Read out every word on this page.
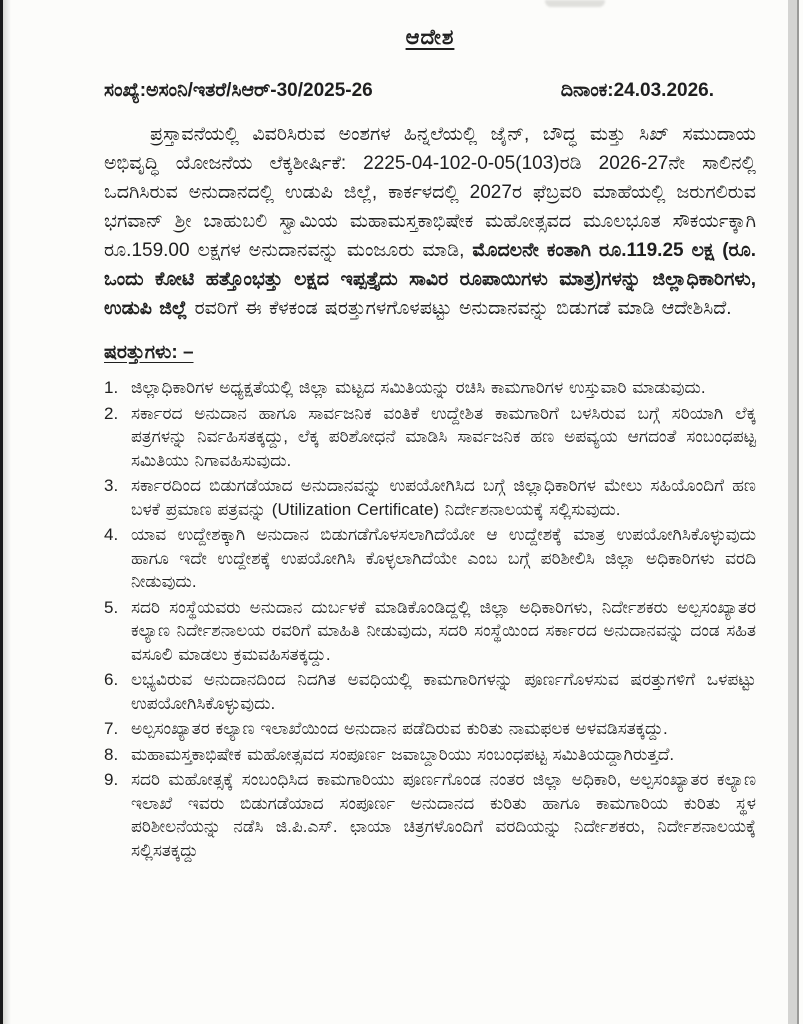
ಆದೇಶ
ಸಂಖ್ಯೆ:ಅಸಂನಿ/ಇತರೆ/ಸಿಆರ್-30/2025-26	ದಿನಾಂಕ:24.03.2026.

ಪ್ರಸ್ತಾವನೆಯಲ್ಲಿ ವಿವರಿಸಿರುವ ಅಂಶಗಳ ಹಿನ್ನಲೆಯಲ್ಲಿ ಜೈನ್, ಬೌದ್ಧ ಮತ್ತು ಸಿಖ್ ಸಮುದಾಯ ಅಭಿವೃದ್ಧಿ ಯೋಜನೆಯ ಲೆಕ್ಕಶೀರ್ಷಿಕೆ: 2225-04-102-0-05(103)ರಡಿ 2026-27ನೇ ಸಾಲಿನಲ್ಲಿ ಒದಗಿಸಿರುವ ಅನುದಾನದಲ್ಲಿ ಉಡುಪಿ ಜಿಲ್ಲೆ, ಕಾರ್ಕಳದಲ್ಲಿ 2027ರ ಫೆಬ್ರವರಿ ಮಾಹೆಯಲ್ಲಿ ಜರುಗಲಿರುವ ಭಗವಾನ್ ಶ್ರೀ ಬಾಹುಬಲಿ ಸ್ವಾಮಿಯ ಮಹಾಮಸ್ತಕಾಭಿಷೇಕ ಮಹೋತ್ಸವದ ಮೂಲಭೂತ ಸೌಕರ್ಯಕ್ಕಾಗಿ ರೂ.159.00 ಲಕ್ಷಗಳ ಅನುದಾನವನ್ನು ಮಂಜೂರು ಮಾಡಿ, ಮೊದಲನೇ ಕಂತಾಗಿ ರೂ.119.25 ಲಕ್ಷ (ರೂ. ಒಂದು ಕೋಟಿ ಹತ್ತೊಂಭತ್ತು ಲಕ್ಷದ ಇಪ್ಪತ್ತೈದು ಸಾವಿರ ರೂಪಾಯಿಗಳು ಮಾತ್ರ)ಗಳನ್ನು ಜಿಲ್ಲಾಧಿಕಾರಿಗಳು, ಉಡುಪಿ ಜಿಲ್ಲೆ ರವರಿಗೆ ಈ ಕೆಳಕಂಡ ಷರತ್ತುಗಳಗೊಳಪಟ್ಟು ಅನುದಾನವನ್ನು ಬಿಡುಗಡೆ ಮಾಡಿ ಆದೇಶಿಸಿದೆ.

ಷರತ್ತುಗಳು: –
1. ಜಿಲ್ಲಾಧಿಕಾರಿಗಳ ಅಧ್ಯಕ್ಷತೆಯಲ್ಲಿ ಜಿಲ್ಲಾ ಮಟ್ಟದ ಸಮಿತಿಯನ್ನು ರಚಿಸಿ ಕಾಮಗಾರಿಗಳ ಉಸ್ತುವಾರಿ ಮಾಡುವುದು.
2. ಸರ್ಕಾರದ ಅನುದಾನ ಹಾಗೂ ಸಾರ್ವಜನಿಕ ವಂತಿಕೆ ಉದ್ದೇಶಿತ ಕಾಮಗಾರಿಗೆ ಬಳಸಿರುವ ಬಗ್ಗೆ ಸರಿಯಾಗಿ ಲೆಕ್ಕ ಪತ್ರಗಳನ್ನು ನಿರ್ವಹಿಸತಕ್ಕದ್ದು, ಲೆಕ್ಕ ಪರಿಶೋಧನೆ ಮಾಡಿಸಿ ಸಾರ್ವಜನಿಕ ಹಣ ಅಪವ್ಯಯ ಆಗದಂತೆ ಸಂಬಂಧಪಟ್ಟ ಸಮಿತಿಯು ನಿಗಾವಹಿಸುವುದು.
3. ಸರ್ಕಾರದಿಂದ ಬಿಡುಗಡೆಯಾದ ಅನುದಾನವನ್ನು ಉಪಯೋಗಿಸಿದ ಬಗ್ಗೆ ಜಿಲ್ಲಾಧಿಕಾರಿಗಳ ಮೇಲು ಸಹಿಯೊಂದಿಗೆ ಹಣ ಬಳಕೆ ಪ್ರಮಾಣ ಪತ್ರವನ್ನು (Utilization Certificate) ನಿರ್ದೇಶನಾಲಯಕ್ಕೆ ಸಲ್ಲಿಸುವುದು.
4. ಯಾವ ಉದ್ದೇಶಕ್ಕಾಗಿ ಅನುದಾನ ಬಿಡುಗಡೆಗೊಳಸಲಾಗಿದೆಯೋ ಆ ಉದ್ದೇಶಕ್ಕೆ ಮಾತ್ರ ಉಪಯೋಗಿಸಿಕೊಳ್ಳುವುದು ಹಾಗೂ ಇದೇ ಉದ್ದೇಶಕ್ಕೆ ಉಪಯೋಗಿಸಿ ಕೊಳ್ಳಲಾಗಿದೆಯೇ ಎಂಬ ಬಗ್ಗೆ ಪರಿಶೀಲಿಸಿ ಜಿಲ್ಲಾ ಅಧಿಕಾರಿಗಳು ವರದಿ ನೀಡುವುದು.
5. ಸದರಿ ಸಂಸ್ಥೆಯವರು ಅನುದಾನ ದುರ್ಬಳಕೆ ಮಾಡಿಕೊಂಡಿದ್ದಲ್ಲಿ ಜಿಲ್ಲಾ ಅಧಿಕಾರಿಗಳು, ನಿರ್ದೇಶಕರು ಅಲ್ಪಸಂಖ್ಯಾತರ ಕಲ್ಯಾಣ ನಿರ್ದೇಶನಾಲಯ ರವರಿಗೆ ಮಾಹಿತಿ ನೀಡುವುದು, ಸದರಿ ಸಂಸ್ಥೆಯಿಂದ ಸರ್ಕಾರದ ಅನುದಾನವನ್ನು ದಂಡ ಸಹಿತ ವಸೂಲಿ ಮಾಡಲು ಕ್ರಮವಹಿಸತಕ್ಕದ್ದು.
6. ಲಭ್ಯವಿರುವ ಅನುದಾನದಿಂದ ನಿದಗಿತ ಅವಧಿಯಲ್ಲಿ ಕಾಮಗಾರಿಗಳನ್ನು ಪೂರ್ಣಗೊಳಸುವ ಷರತ್ತುಗಳಿಗೆ ಒಳಪಟ್ಟು ಉಪಯೋಗಿಸಿಕೊಳ್ಳುವುದು.
7. ಅಲ್ಪಸಂಖ್ಯಾತರ ಕಲ್ಯಾಣ ಇಲಾಖೆಯಿಂದ ಅನುದಾನ ಪಡೆದಿರುವ ಕುರಿತು ನಾಮಫಲಕ ಅಳವಡಿಸತಕ್ಕದ್ದು.
8. ಮಹಾಮಸ್ತಕಾಭಿಷೇಕ ಮಹೋತ್ಸವದ ಸಂಪೂರ್ಣ ಜವಾಬ್ದಾರಿಯು ಸಂಬಂಧಪಟ್ಟ ಸಮಿತಿಯದ್ದಾಗಿರುತ್ತದೆ.
9. ಸದರಿ ಮಹೋತ್ಸಕ್ಕೆ ಸಂಬಂಧಿಸಿದ ಕಾಮಗಾರಿಯು ಪೂರ್ಣಗೊಂಡ ನಂತರ ಜಿಲ್ಲಾ ಅಧಿಕಾರಿ, ಅಲ್ಪಸಂಖ್ಯಾತರ ಕಲ್ಯಾಣ ಇಲಾಖೆ ಇವರು ಬಿಡುಗಡೆಯಾದ ಸಂಪೂರ್ಣ ಅನುದಾನದ ಕುರಿತು ಹಾಗೂ ಕಾಮಗಾರಿಯ ಕುರಿತು ಸ್ಥಳ ಪರಿಶೀಲನೆಯನ್ನು ನಡೆಸಿ ಜಿ.ಪಿ.ಎಸ್. ಛಾಯಾ ಚಿತ್ರಗಳೊಂದಿಗೆ ವರದಿಯನ್ನು ನಿರ್ದೇಶಕರು, ನಿರ್ದೇಶನಾಲಯಕ್ಕೆ ಸಲ್ಲಿಸತಕ್ಕದ್ದು
